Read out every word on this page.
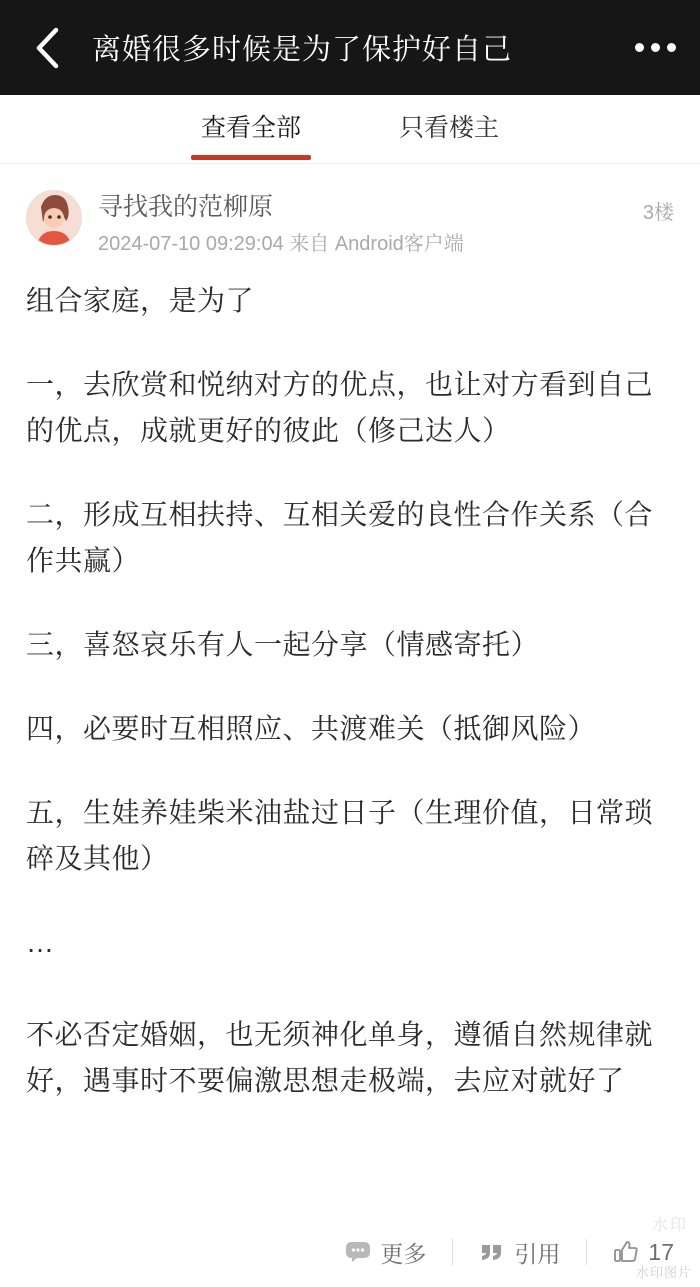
离婚很多时候是为了保护好自己
查看全部	只看楼主
寻找我的范柳原
2024-07-10 09:29:04 来自 Android客户端
3楼

组合家庭，是为了

一，去欣赏和悦纳对方的优点，也让对方看到自己的优点，成就更好的彼此（修己达人）

二，形成互相扶持、互相关爱的良性合作关系（合作共赢）

三，喜怒哀乐有人一起分享（情感寄托）

四，必要时互相照应、共渡难关（抵御风险）

五，生娃养娃柴米油盐过日子（生理价值，日常琐碎及其他）

…

不必否定婚姻，也无须神化单身，遵循自然规律就好，遇事时不要偏激思想走极端，去应对就好了

更多	引用	17
水印
水印图片
